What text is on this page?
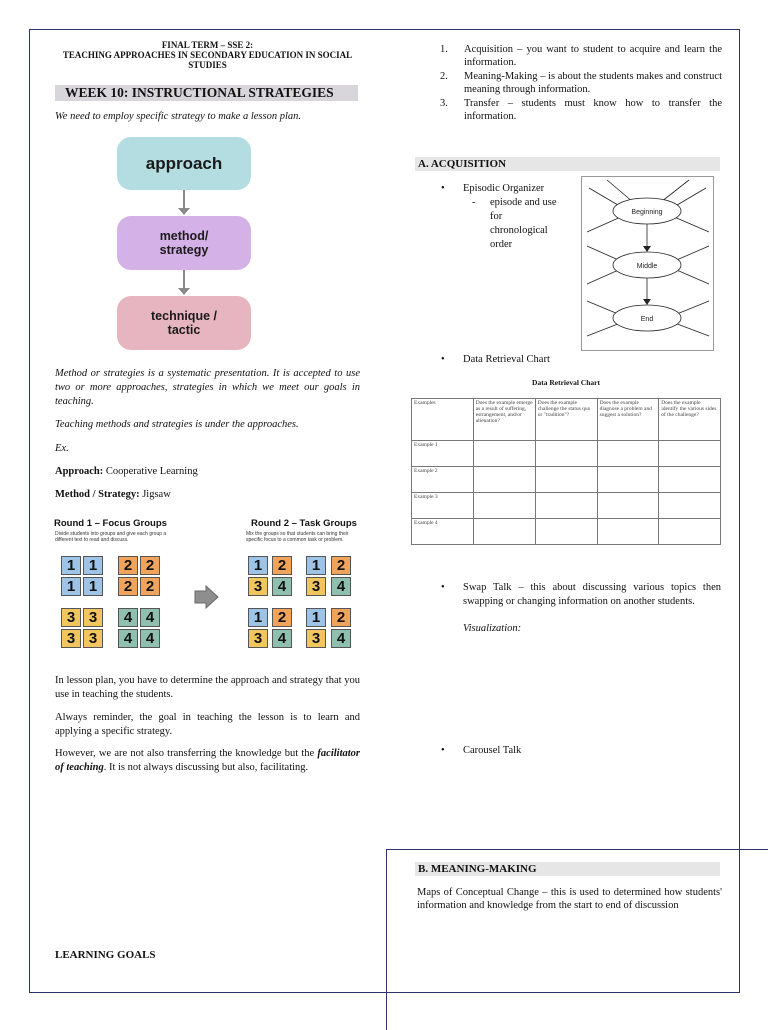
FINAL TERM – SSE 2:
TEACHING APPROACHES IN SECONDARY EDUCATION IN SOCIAL STUDIES
WEEK 10: INSTRUCTIONAL STRATEGIES
We need to employ specific strategy to make a lesson plan.
approach
method/
strategy
technique /
tactic
Method or strategies is a systematic presentation. It is accepted to use two or more approaches, strategies in which we meet our goals in teaching.
Teaching methods and strategies is under the approaches.
Ex.
Approach: Cooperative Learning
Method / Strategy: Jigsaw
Round 1 – Focus Groups
Divide students into groups and give each group a different text to read and discuss.
Round 2 – Task Groups
Mix the groups so that students can bring their specific focus to a common task or problem.
1 1
1 1
2 2
2 2
3 3
3 3
4 4
4 4
1	2
3	4
1	2
3	4
1	2
3	4
1	2
3	4
In lesson plan, you have to determine the approach and strategy that you use in teaching the students.
Always reminder, the goal in teaching the lesson is to learn and applying a specific strategy.
However, we are not also transferring the knowledge but the facilitator of teaching. It is not always discussing but also, facilitating.
LEARNING GOALS
1. Acquisition – you want to student to acquire and learn the information.
2. Meaning-Making – is about the students makes and construct meaning through information.
3. Transfer – students must know how to transfer the information.
A. ACQUISITION
• Episodic Organizer
- episode and use for chronological order
Beginning
Middle
End
• Data Retrieval Chart
Data Retrieval Chart
Examples	Does the example emerge as a result of suffering, estrangement, and/or alienation?	Does the example challenge the status quo or "tradition"?	Does the example diagnose a problem and suggest a solution?	Does the example identify the various sides of the challenge?
Example 1				
Example 2				
Example 3				
Example 4				
• Swap Talk – this about discussing various topics then swapping or changing information on another students.
Visualization:
• Carousel Talk
B. MEANING-MAKING
Maps of Conceptual Change – this is used to determined how students' information and knowledge from the start to end of discussion
